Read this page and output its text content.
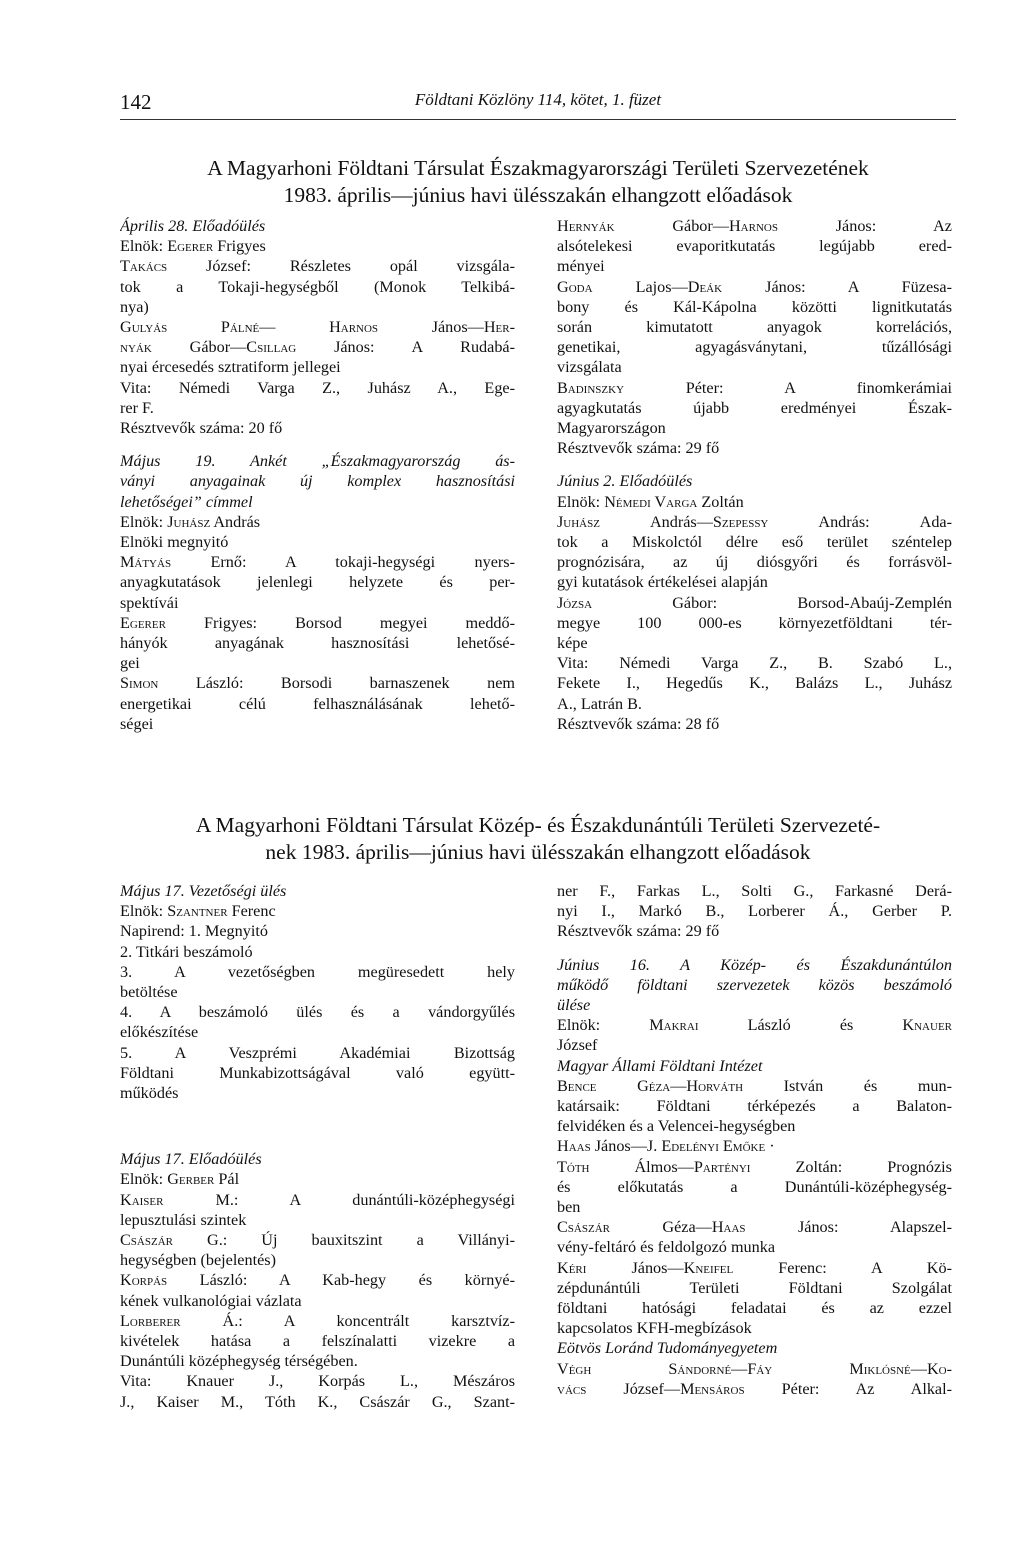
142	Földtani Közlöny 114, kötet, 1. füzet
A Magyarhoni Földtani Társulat Északmagyarországi Területi Szervezetének
1983. április—június havi ülésszakán elhangzott előadások
Április 28. Előadóülés
Elnök: Egerer Frigyes
Takács József: Részletes opál vizsgála-
tok a Tokaji-hegységből (Monok Telkibá-
nya)
Gulyás Pálné— Harnos János—Her-
nyák Gábor—Csillag János: A Rudabá-
nyai ércesedés sztratiform jellegei
Vita: Némedi Varga Z., Juhász A., Ege-
rer F.
Résztvevők száma: 20 fő
Május 19. Ankét „Északmagyarország ás-
ványi anyagainak új komplex hasznosítási
lehetőségei” címmel
Elnök: Juhász András
Elnöki megnyitó
Mátyás Ernő: A tokaji-hegységi nyers-
anyagkutatások jelenlegi helyzete és per-
spektívái
Egerer Frigyes: Borsod megyei meddő-
hányók anyagának hasznosítási lehetősé-
gei
Simon László: Borsodi barnaszenek nem
energetikai célú felhasználásának lehető-
ségei
Hernyák Gábor—Harnos János: Az
alsótelekesi evaporitkutatás legújabb ered-
ményei
Goda Lajos—Deák János: A Füzesa-
bony és Kál-Kápolna közötti lignitkutatás
során kimutatott anyagok korrelációs,
genetikai, agyagásványtani, tűzállósági
vizsgálata
Badinszky Péter: A finomkerámiai
agyagkutatás újabb eredményei Észak-
Magyarországon
Résztvevők száma: 29 fő
Június 2. Előadóülés
Elnök: Némedi Varga Zoltán
Juhász András—Szepessy András: Ada-
tok a Miskolctól délre eső terület széntelep
prognózisára, az új diósgyőri és forrásvöl-
gyi kutatások értékelései alapján
Józsa Gábor: Borsod-Abaúj-Zemplén
megye 100 000-es környezetföldtani tér-
képe
Vita: Némedi Varga Z., B. Szabó L.,
Fekete I., Hegedűs K., Balázs L., Juhász
A., Latrán B.
Résztvevők száma: 28 fő
A Magyarhoni Földtani Társulat Közép- és Északdunántúli Területi Szervezeté-
nek 1983. április—június havi ülésszakán elhangzott előadások
Május 17. Vezetőségi ülés
Elnök: Szantner Ferenc
Napirend: 1. Megnyitó
2. Titkári beszámoló
3. A vezetőségben megüresedett hely
betöltése
4. A beszámoló ülés és a vándorgyűlés
előkészítése
5. A Veszprémi Akadémiai Bizottság
Földtani Munkabizottságával való együtt-
működés
Május 17. Előadóülés
Elnök: Gerber Pál
Kaiser M.: A dunántúli-középhegységi
lepusztulási szintek
Császár G.: Új bauxitszint a Villányi-
hegységben (bejelentés)
Korpás László: A Kab-hegy és környé-
kének vulkanológiai vázlata
Lorberer Á.: A koncentrált karsztvíz-
kivételek hatása a felszínalatti vizekre a
Dunántúli középhegység térségében.
Vita: Knauer J., Korpás L., Mészáros
J., Kaiser M., Tóth K., Császár G., Szant-
ner F., Farkas L., Solti G., Farkasné Derá-
nyi I., Markó B., Lorberer Á., Gerber P.
Résztvevők száma: 29 fő
Június 16. A Közép- és Északdunántúlon
működő földtani szervezetek közös beszámoló
ülése
Elnök: Makrai László és Knauer
József
Magyar Állami Földtani Intézet
Bence Géza—Horváth István és mun-
katársaik: Földtani térképezés a Balaton-
felvidéken és a Velencei-hegységben
Haas János—J. Edelényi Emőke ·
Tóth Álmos—Partényi Zoltán: Prognózis
és előkutatás a Dunántúli-középhegység-
ben
Császár Géza—Haas János: Alapszel-
vény-feltáró és feldolgozó munka
Kéri János—Kneifel Ferenc: A Kö-
zépdunántúli Területi Földtani Szolgálat
földtani hatósági feladatai és az ezzel
kapcsolatos KFH-megbízások
Eötvös Loránd Tudományegyetem
Végh Sándorné—Fáy Miklósné—Ko-
vács József—Mensáros Péter: Az Alkal-
